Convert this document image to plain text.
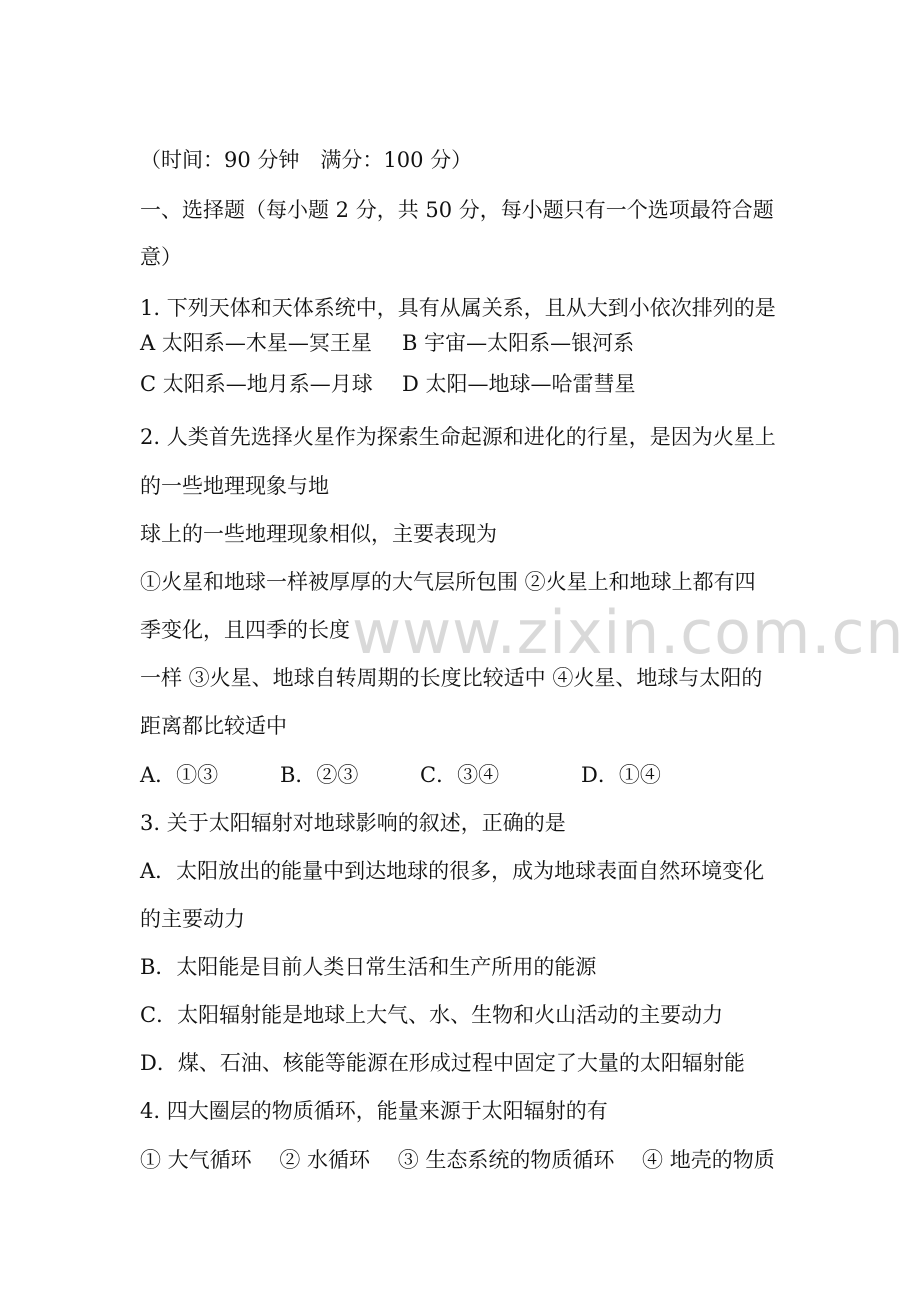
（时间：90 分钟　满分：100 分）
一、选择题（每小题 2 分，共 50 分，每小题只有一个选项最符合题
意）
1. 下列天体和天体系统中，具有从属关系，且从大到小依次排列的是
A 太阳系—木星—冥王星 B 宇宙—太阳系—银河系
C 太阳系—地月系—月球 D 太阳—地球—哈雷彗星
2. 人类首先选择火星作为探索生命起源和进化的行星，是因为火星上
的一些地理现象与地
球上的一些地理现象相似，主要表现为
①火星和地球一样被厚厚的大气层所包围 ②火星上和地球上都有四
季变化，且四季的长度
一样 ③火星、地球自转周期的长度比较适中 ④火星、地球与太阳的
距离都比较适中
A．①③	B．②③	C．③④	D．①④
3. 关于太阳辐射对地球影响的叙述，正确的是
A．太阳放出的能量中到达地球的很多，成为地球表面自然环境变化
的主要动力
B．太阳能是目前人类日常生活和生产所用的能源
C．太阳辐射能是地球上大气、水、生物和火山活动的主要动力
D．煤、石油、核能等能源在形成过程中固定了大量的太阳辐射能
4. 四大圈层的物质循环，能量来源于太阳辐射的有
① 大气循环　 ② 水循环　 ③ 生态系统的物质循环　 ④ 地壳的物质
www.zixin.com.cn
